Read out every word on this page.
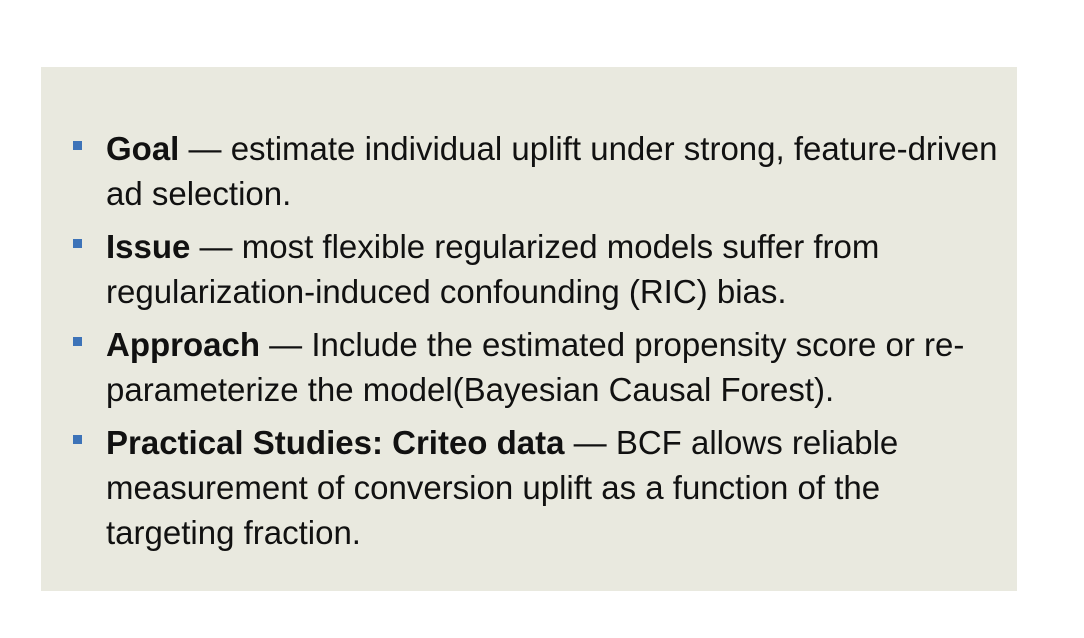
Goal — estimate individual uplift under strong, feature-driven ad selection.
Issue — most flexible regularized models suffer from regularization-induced confounding (RIC) bias.
Approach — Include the estimated propensity score or re-parameterize the model(Bayesian Causal Forest).
Practical Studies: Criteo data — BCF allows reliable measurement of conversion uplift as a function of the targeting fraction.
